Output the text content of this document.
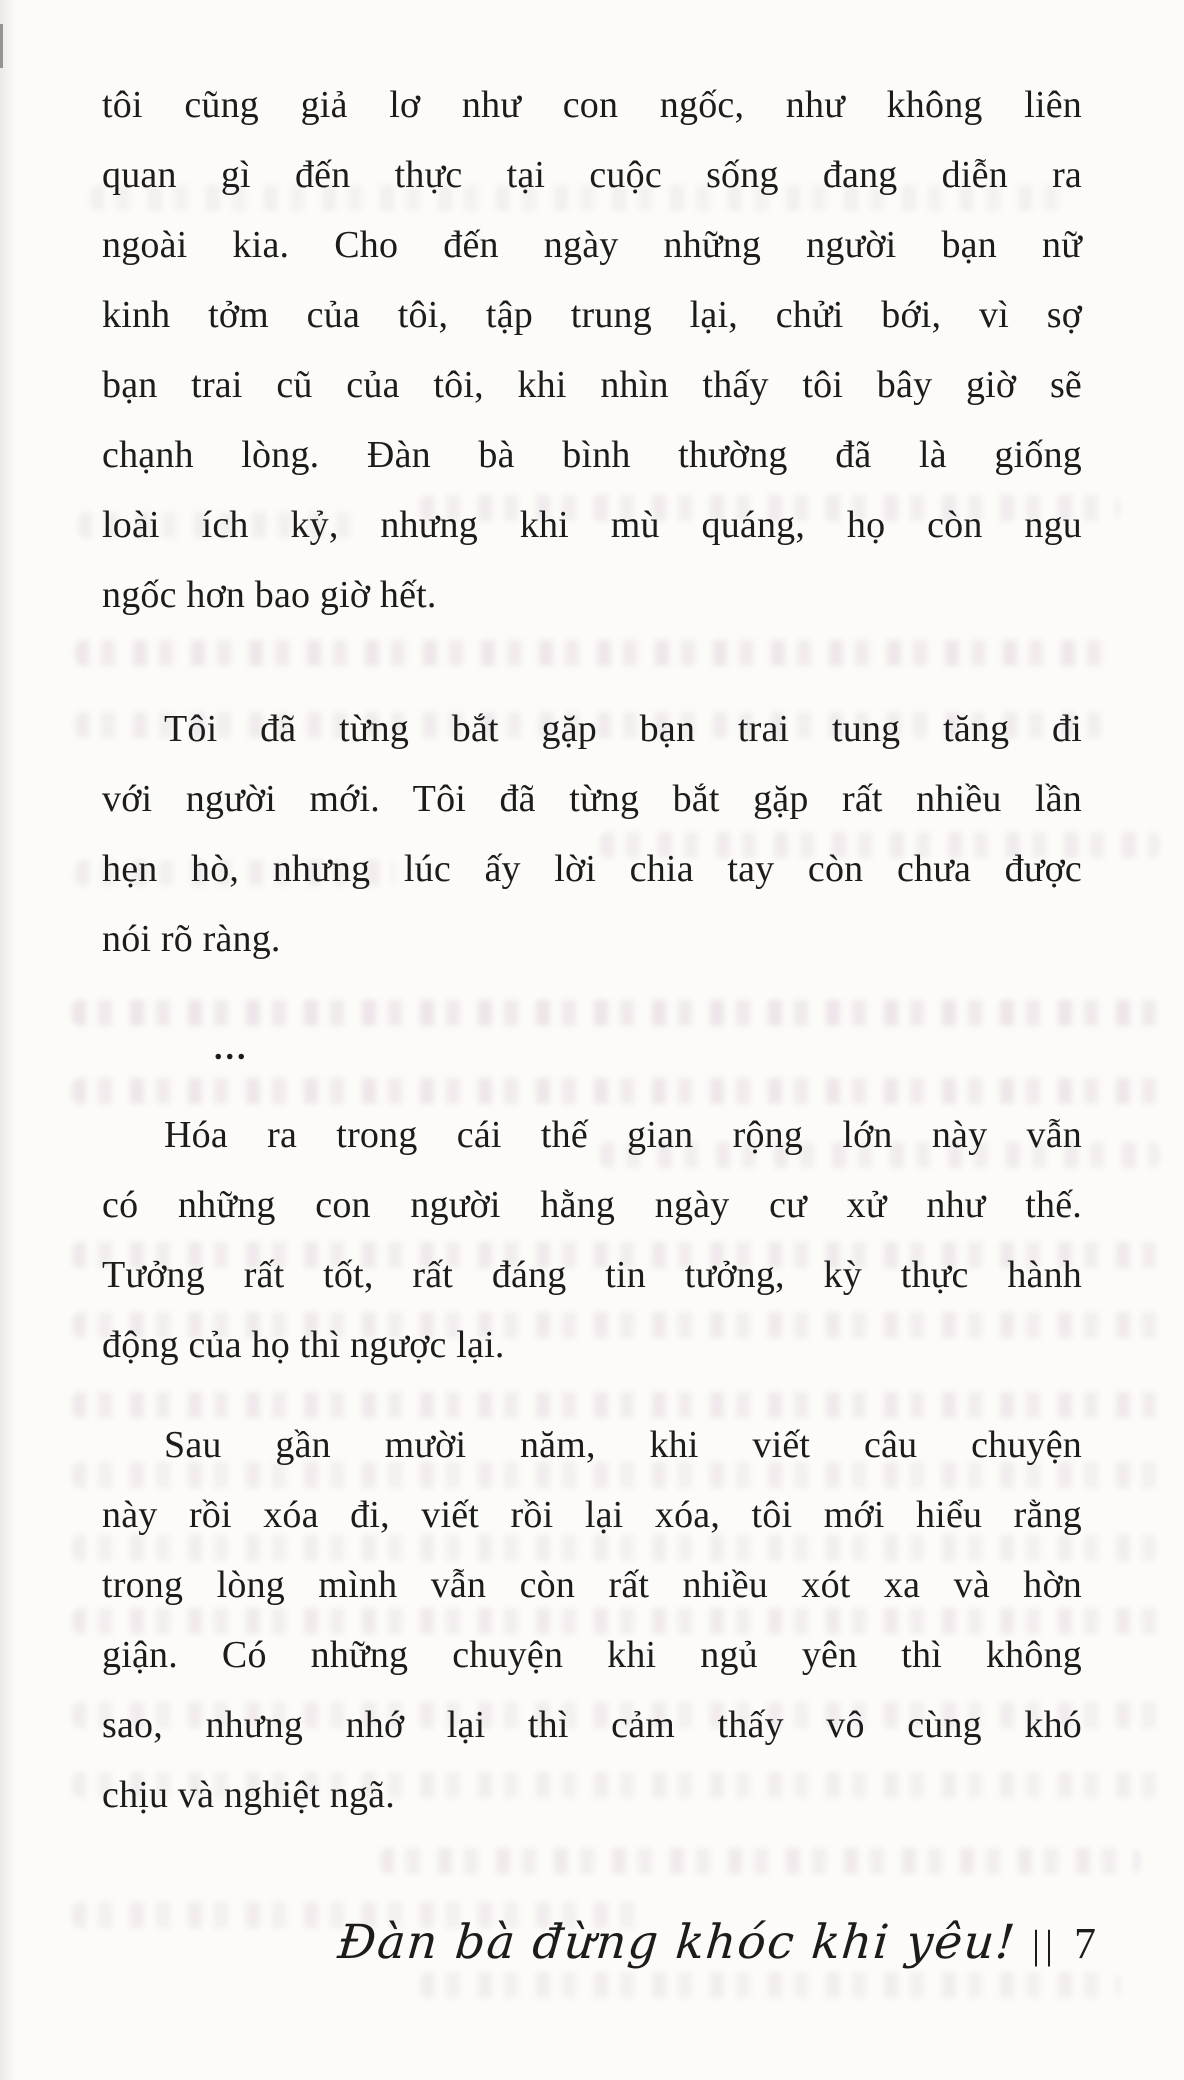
tôi cũng giả lơ như con ngốc, như không liên
quan gì đến thực tại cuộc sống đang diễn ra
ngoài kia. Cho đến ngày những người bạn nữ
kinh tởm của tôi, tập trung lại, chửi bới, vì sợ
bạn trai cũ của tôi, khi nhìn thấy tôi bây giờ sẽ
chạnh lòng. Đàn bà bình thường đã là giống
loài ích kỷ, nhưng khi mù quáng, họ còn ngu
ngốc hơn bao giờ hết.
Tôi đã từng bắt gặp bạn trai tung tăng đi
với người mới. Tôi đã từng bắt gặp rất nhiều lần
hẹn hò, nhưng lúc ấy lời chia tay còn chưa được
nói rõ ràng.
...
Hóa ra trong cái thế gian rộng lớn này vẫn
có những con người hằng ngày cư xử như thế.
Tưởng rất tốt, rất đáng tin tưởng, kỳ thực hành
động của họ thì ngược lại.
Sau gần mười năm, khi viết câu chuyện
này rồi xóa đi, viết rồi lại xóa, tôi mới hiểu rằng
trong lòng mình vẫn còn rất nhiều xót xa và hờn
giận. Có những chuyện khi ngủ yên thì không
sao, nhưng nhớ lại thì cảm thấy vô cùng khó
chịu và nghiệt ngã.
Đàn bà đừng khóc khi yêu! || 7
